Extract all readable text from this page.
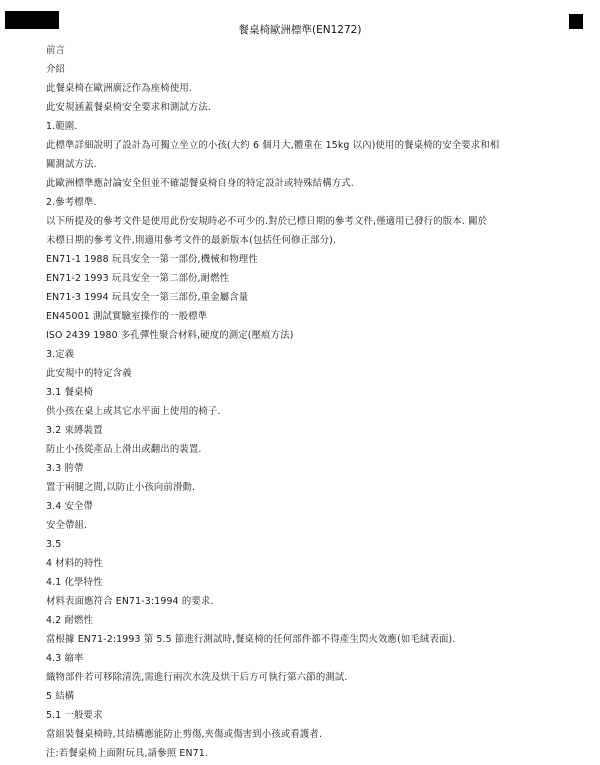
餐桌椅歐洲標準(EN1272)
前言
介紹
此餐桌椅在歐洲廣泛作為座椅使用.
此安規涵蓋餐桌椅安全要求和測試方法.
1.範圍.
此標準詳細說明了設計為可獨立坐立的小孩(大約 6 個月大,體重在 15kg 以內)使用的餐桌椅的安全要求和相
關測試方法.
此歐洲標準應討論安全但並不確認餐桌椅自身的特定設計或特殊結構方式.
2.參考標準.
以下所提及的參考文件是使用此份安規時必不可少的.對於已標日期的參考文件,僅適用已發行的版本. 關於
未標日期的參考文件,則適用參考文件的最新版本(包括任何修正部分).
EN71-1 1988 玩具安全一第一部份,機械和物理性
EN71-2 1993 玩具安全一第二部份,耐燃性
EN71-3 1994 玩具安全一第三部份,重金屬含量
EN45001 測試實驗室操作的一般標準
ISO 2439 1980 多孔彈性聚合材料,硬度的測定(壓痕方法)
3.定義
此安規中的特定含義
3.1 餐桌椅
供小孩在桌上或其它水平面上使用的椅子.
3.2 束縛裝置
防止小孩從產品上滑出或翻出的裝置.
3.3 胯帶
置于兩腿之間,以防止小孩向前滑動.
3.4 安全帶
安全帶組.
3.5
4 材料的特性
4.1 化學特性
材料表面應符合 EN71-3:1994 的要求.
4.2 耐燃性
當根據 EN71-2:1993 第 5.5 節進行測試時,餐桌椅的任何部件都不得產生閃火效應(如毛絨表面).
4.3 縮率
織物部件若可移除清洗,需進行兩次水洗及烘干后方可執行第六節的測試.
5 結構
5.1 一般要求
當組裝餐桌椅時,其結構應能防止剪傷,夾傷或傷害到小孩或看護者.
注:若餐桌椅上面附玩具,請參照 EN71.
